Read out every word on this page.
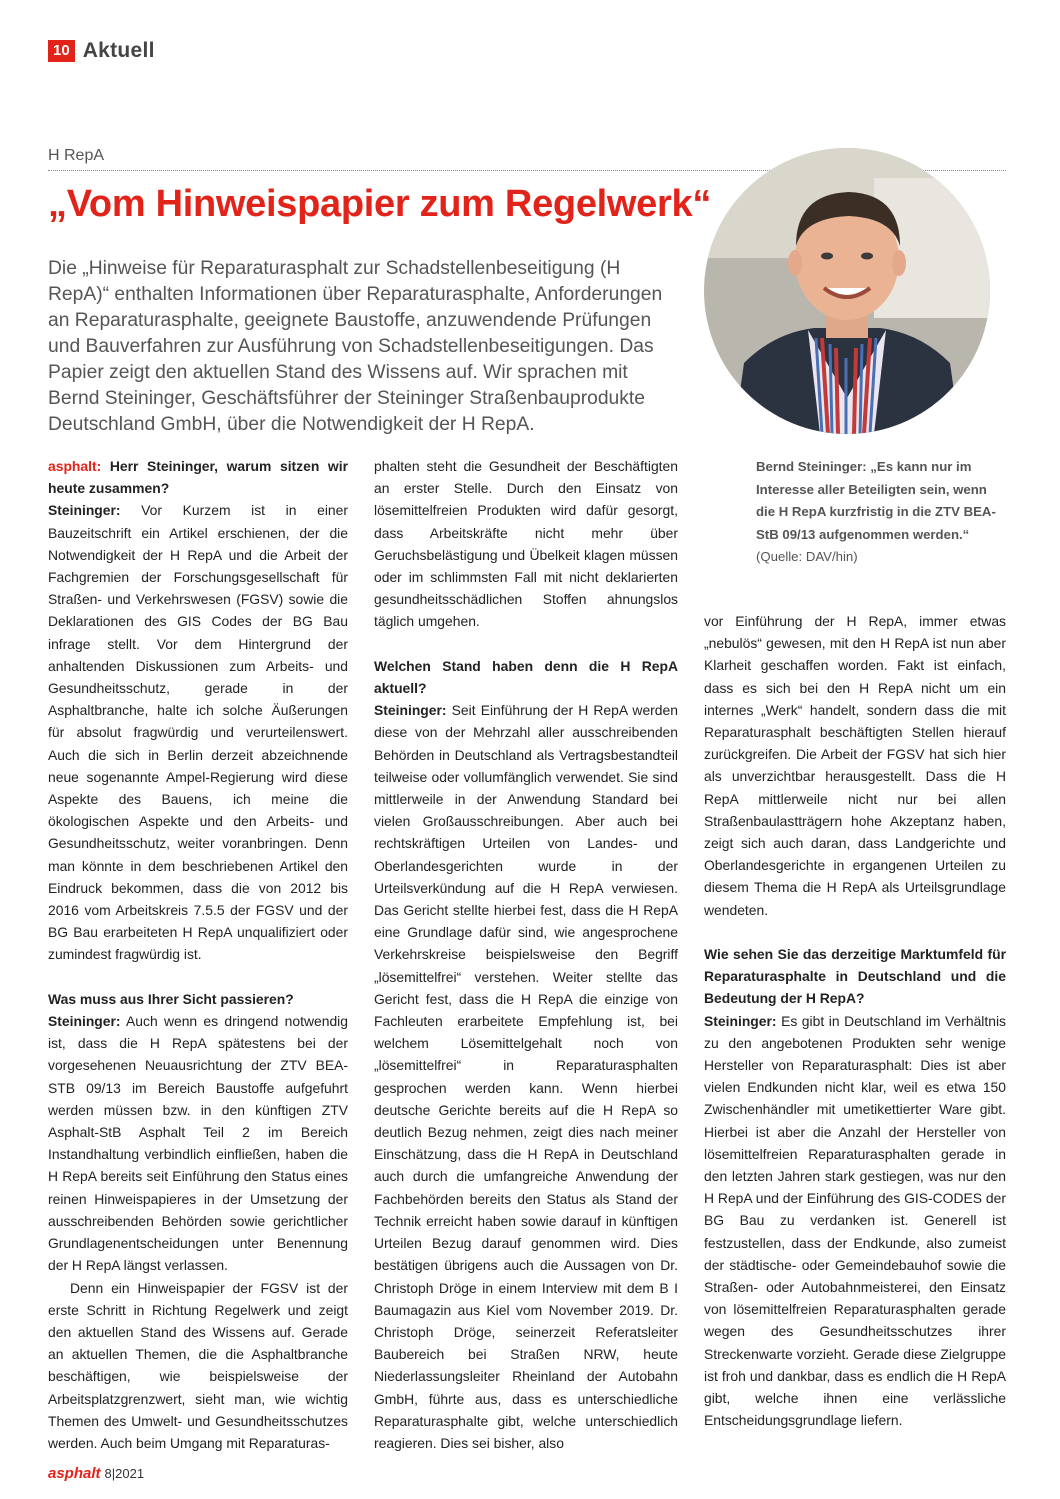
10 Aktuell
H RepA
„Vom Hinweispapier zum Regelwerk“

Die „Hinweise für Reparaturasphalt zur Schadstellenbeseitigung (H RepA)“ enthalten Informationen über Reparaturasphalte, Anforderungen an Reparaturasphalte, geeignete Baustoffe, anzuwendende Prüfungen und Bauverfahren zur Ausführung von Schadstellenbeseitigungen. Das Papier zeigt den aktuellen Stand des Wissens auf. Wir sprachen mit Bernd Steininger, Geschäftsführer der Steininger Straßenbauprodukte Deutschland GmbH, über die Notwendigkeit der H RepA.

Bernd Steininger: „Es kann nur im Interesse aller Beteiligten sein, wenn die H RepA kurzfristig in die ZTV BEA-StB 09/13 aufgenommen werden.“ (Quelle: DAV/hin)
asphalt: Herr Steininger, warum sitzen wir heute zusammen?

Steininger: Vor Kurzem ist in einer Bauzeitschrift ein Artikel erschienen, der die Notwendigkeit der H RepA und die Arbeit der Fachgremien der Forschungsgesellschaft für Straßen- und Verkehrswesen (FGSV) sowie die Deklarationen des GIS Codes der BG Bau infrage stellt. Vor dem Hintergrund der anhaltenden Diskussionen zum Arbeits- und Gesundheitsschutz, gerade in der Asphaltbranche, halte ich solche Äußerungen für absolut fragwürdig und verurteilenswert. Auch die sich in Berlin derzeit abzeichnende neue sogenannte Ampel-Regierung wird diese Aspekte des Bauens, ich meine die ökologischen Aspekte und den Arbeits- und Gesundheitsschutz, weiter voranbringen. Denn man könnte in dem beschriebenen Artikel den Eindruck bekommen, dass die von 2012 bis 2016 vom Arbeitskreis 7.5.5 der FGSV und der BG Bau erarbeiteten H RepA unqualifiziert oder zumindest fragwürdig ist.

Was muss aus Ihrer Sicht passieren?

Steininger: Auch wenn es dringend notwendig ist, dass die H RepA spätestens bei der vorgesehenen Neuausrichtung der ZTV BEA-STB 09/13 im Bereich Baustoffe aufgefuhrt werden müssen bzw. in den künftigen ZTV Asphalt-StB Asphalt Teil 2 im Bereich Instandhaltung verbindlich einfließen, haben die H RepA bereits seit Einführung den Status eines reinen Hinweispapieres in der Umsetzung der ausschreibenden Behörden sowie gerichtlicher Grundlagenentscheidungen unter Benennung der H RepA längst verlassen.

Denn ein Hinweispapier der FGSV ist der erste Schritt in Richtung Regelwerk und zeigt den aktuellen Stand des Wissens auf. Gerade an aktuellen Themen, die die Asphaltbranche beschäftigen, wie beispielsweise der Arbeitsplatzgrenzwert, sieht man, wie wichtig Themen des Umwelt- und Gesundheitsschutzes werden. Auch beim Umgang mit Reparaturas-

phalten steht die Gesundheit der Beschäftigten an erster Stelle. Durch den Einsatz von lösemittelfreien Produkten wird dafür gesorgt, dass Arbeitskräfte nicht mehr über Geruchsbelästigung und Übelkeit klagen müssen oder im schlimmsten Fall mit nicht deklarierten gesundheitsschädlichen Stoffen ahnungslos täglich umgehen.

Welchen Stand haben denn die H RepA aktuell?

Steininger: Seit Einführung der H RepA werden diese von der Mehrzahl aller ausschreibenden Behörden in Deutschland als Vertragsbestandteil teilweise oder vollumfänglich verwendet. Sie sind mittlerweile in der Anwendung Standard bei vielen Großausschreibungen. Aber auch bei rechtskräftigen Urteilen von Landes- und Oberlandesgerichten wurde in der Urteilsverkündung auf die H RepA verwiesen. Das Gericht stellte hierbei fest, dass die H RepA eine Grundlage dafür sind, wie angesprochene Verkehrskreise beispielsweise den Begriff „lösemittelfrei“ verstehen. Weiter stellte das Gericht fest, dass die H RepA die einzige von Fachleuten erarbeitete Empfehlung ist, bei welchem Lösemittelgehalt noch von „lösemittelfrei“ in Reparaturasphalten gesprochen werden kann. Wenn hierbei deutsche Gerichte bereits auf die H RepA so deutlich Bezug nehmen, zeigt dies nach meiner Einschätzung, dass die H RepA in Deutschland auch durch die umfangreiche Anwendung der Fachbehörden bereits den Status als Stand der Technik erreicht haben sowie darauf in künftigen Urteilen Bezug darauf genommen wird. Dies bestätigen übrigens auch die Aussagen von Dr. Christoph Dröge in einem Interview mit dem B I Baumagazin aus Kiel vom November 2019. Dr. Christoph Dröge, seinerzeit Referatsleiter Baubereich bei Straßen NRW, heute Niederlassungsleiter Rheinland der Autobahn GmbH, führte aus, dass es unterschiedliche Reparaturasphalte gibt, welche unterschiedlich reagieren. Dies sei bisher, also

vor Einführung der H RepA, immer etwas „nebulös“ gewesen, mit den H RepA ist nun aber Klarheit geschaffen worden. Fakt ist einfach, dass es sich bei den H RepA nicht um ein internes „Werk“ handelt, sondern dass die mit Reparaturasphalt beschäftigten Stellen hierauf zurückgreifen. Die Arbeit der FGSV hat sich hier als unverzichtbar herausgestellt. Dass die H RepA mittlerweile nicht nur bei allen Straßenbaulastträgern hohe Akzeptanz haben, zeigt sich auch daran, dass Landgerichte und Oberlandesgerichte in ergangenen Urteilen zu diesem Thema die H RepA als Urteilsgrundlage wendeten.

Wie sehen Sie das derzeitige Marktumfeld für Reparaturasphalte in Deutschland und die Bedeutung der H RepA?

Steininger: Es gibt in Deutschland im Verhältnis zu den angebotenen Produkten sehr wenige Hersteller von Reparaturasphalt: Dies ist aber vielen Endkunden nicht klar, weil es etwa 150 Zwischenhändler mit umetikettierter Ware gibt. Hierbei ist aber die Anzahl der Hersteller von lösemittelfreien Reparaturasphalten gerade in den letzten Jahren stark gestiegen, was nur den H RepA und der Einführung des GIS-CODES der BG Bau zu verdanken ist. Generell ist festzustellen, dass der Endkunde, also zumeist der städtische- oder Gemeindebauhof sowie die Straßen- oder Autobahnmeisterei, den Einsatz von lösemittelfreien Reparaturasphalten gerade wegen des Gesundheitsschutzes ihrer Streckenwarte vorzieht. Gerade diese Zielgruppe ist froh und dankbar, dass es endlich die H RepA gibt, welche ihnen eine verlässliche Entscheidungsgrundlage liefern.

asphalt 8|2021
